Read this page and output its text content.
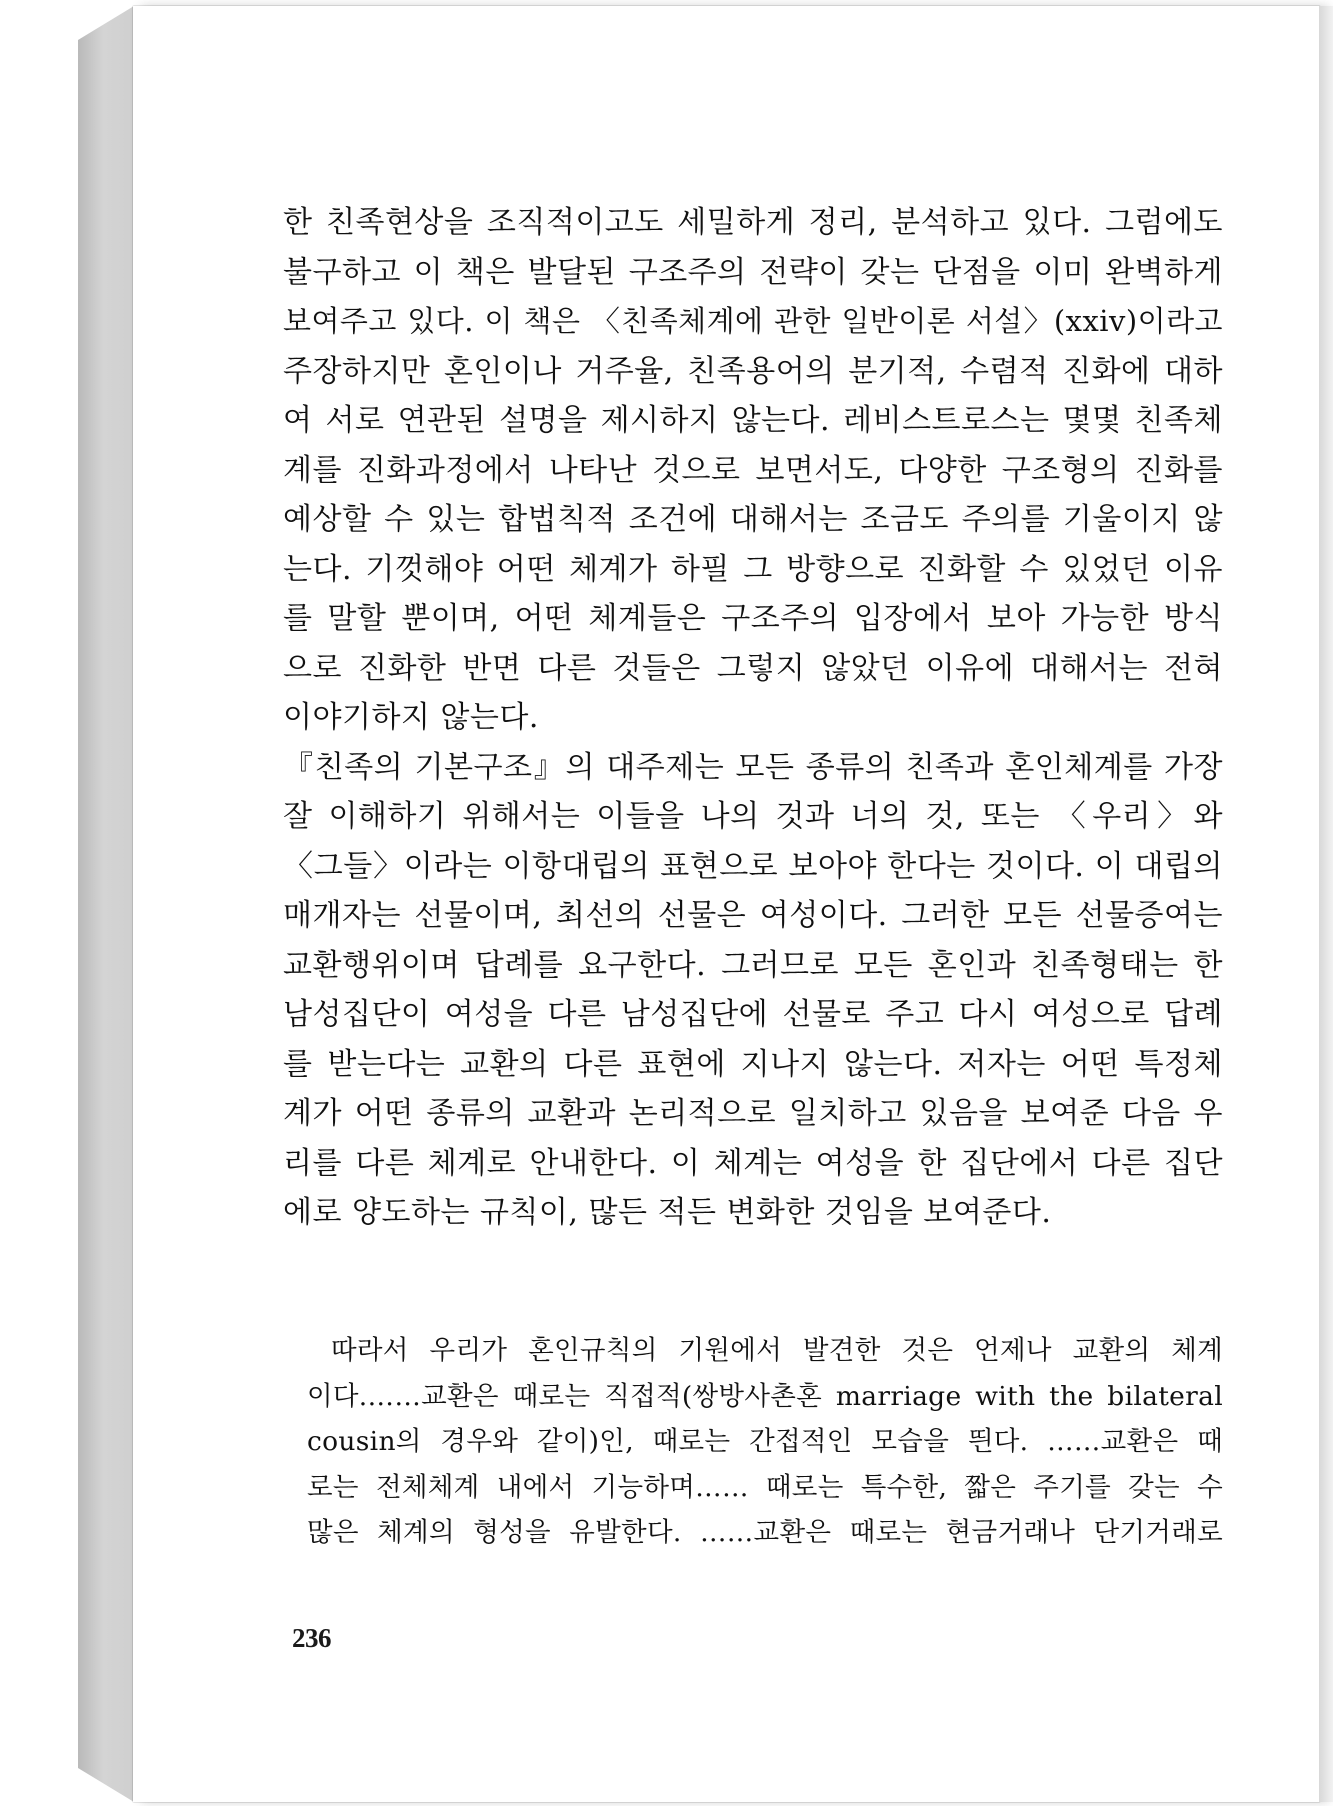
한 친족현상을 조직적이고도 세밀하게 정리, 분석하고 있다. 그럼에도
불구하고 이 책은 발달된 구조주의 전략이 갖는 단점을 이미 완벽하게
보여주고 있다. 이 책은 〈친족체계에 관한 일반이론 서설〉(xxiv)이라고
주장하지만 혼인이나 거주율, 친족용어의 분기적, 수렴적 진화에 대하
여 서로 연관된 설명을 제시하지 않는다. 레비스트로스는 몇몇 친족체
계를 진화과정에서 나타난 것으로 보면서도, 다양한 구조형의 진화를
예상할 수 있는 합법칙적 조건에 대해서는 조금도 주의를 기울이지 않
는다. 기껏해야 어떤 체계가 하필 그 방향으로 진화할 수 있었던 이유
를 말할 뿐이며, 어떤 체계들은 구조주의 입장에서 보아 가능한 방식
으로 진화한 반면 다른 것들은 그렇지 않았던 이유에 대해서는 전혀
이야기하지 않는다.
『친족의 기본구조』의 대주제는 모든 종류의 친족과 혼인체계를 가장
잘 이해하기 위해서는 이들을 나의 것과 너의 것, 또는 〈우리〉와
〈그들〉이라는 이항대립의 표현으로 보아야 한다는 것이다. 이 대립의
매개자는 선물이며, 최선의 선물은 여성이다. 그러한 모든 선물증여는
교환행위이며 답례를 요구한다. 그러므로 모든 혼인과 친족형태는 한
남성집단이 여성을 다른 남성집단에 선물로 주고 다시 여성으로 답례
를 받는다는 교환의 다른 표현에 지나지 않는다. 저자는 어떤 특정체
계가 어떤 종류의 교환과 논리적으로 일치하고 있음을 보여준 다음 우
리를 다른 체계로 안내한다. 이 체계는 여성을 한 집단에서 다른 집단
에로 양도하는 규칙이, 많든 적든 변화한 것임을 보여준다.
따라서 우리가 혼인규칙의 기원에서 발견한 것은 언제나 교환의 체계
이다.……교환은 때로는 직접적(쌍방사촌혼 marriage with the bilateral
cousin의 경우와 같이)인, 때로는 간접적인 모습을 띈다. ……교환은 때
로는 전체체계 내에서 기능하며…… 때로는 특수한, 짧은 주기를 갖는 수
많은 체계의 형성을 유발한다. ……교환은 때로는 현금거래나 단기거래로
236
